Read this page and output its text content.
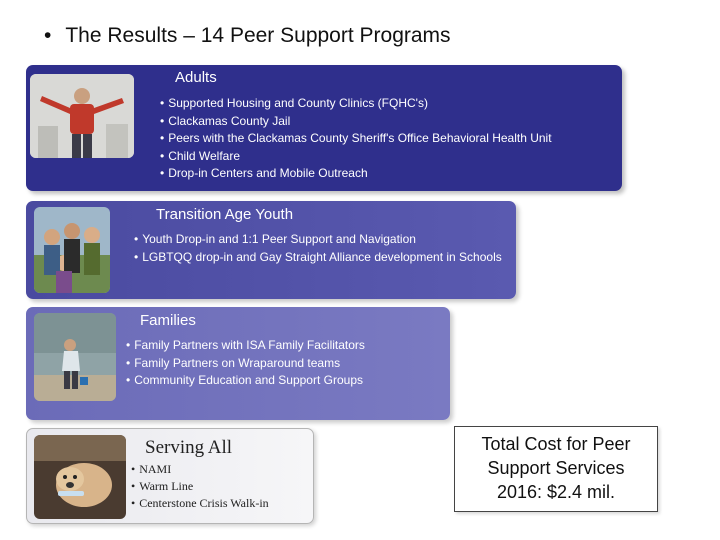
• The Results – 14 Peer Support Programs
Adults
• Supported Housing and County Clinics (FQHC's)
• Clackamas County Jail
• Peers with the Clackamas County Sheriff's Office Behavioral Health Unit
• Child Welfare
• Drop-in Centers and Mobile Outreach
Transition Age Youth
• Youth Drop-in and 1:1 Peer Support and Navigation
• LGBTQQ drop-in and Gay Straight Alliance development in Schools
Families
• Family Partners with ISA Family Facilitators
• Family Partners on Wraparound teams
• Community Education and Support Groups
Serving All
• NAMI
• Warm Line
• Centerstone Crisis Walk-in
Total Cost for Peer
Support Services
2016: $2.4 mil.
